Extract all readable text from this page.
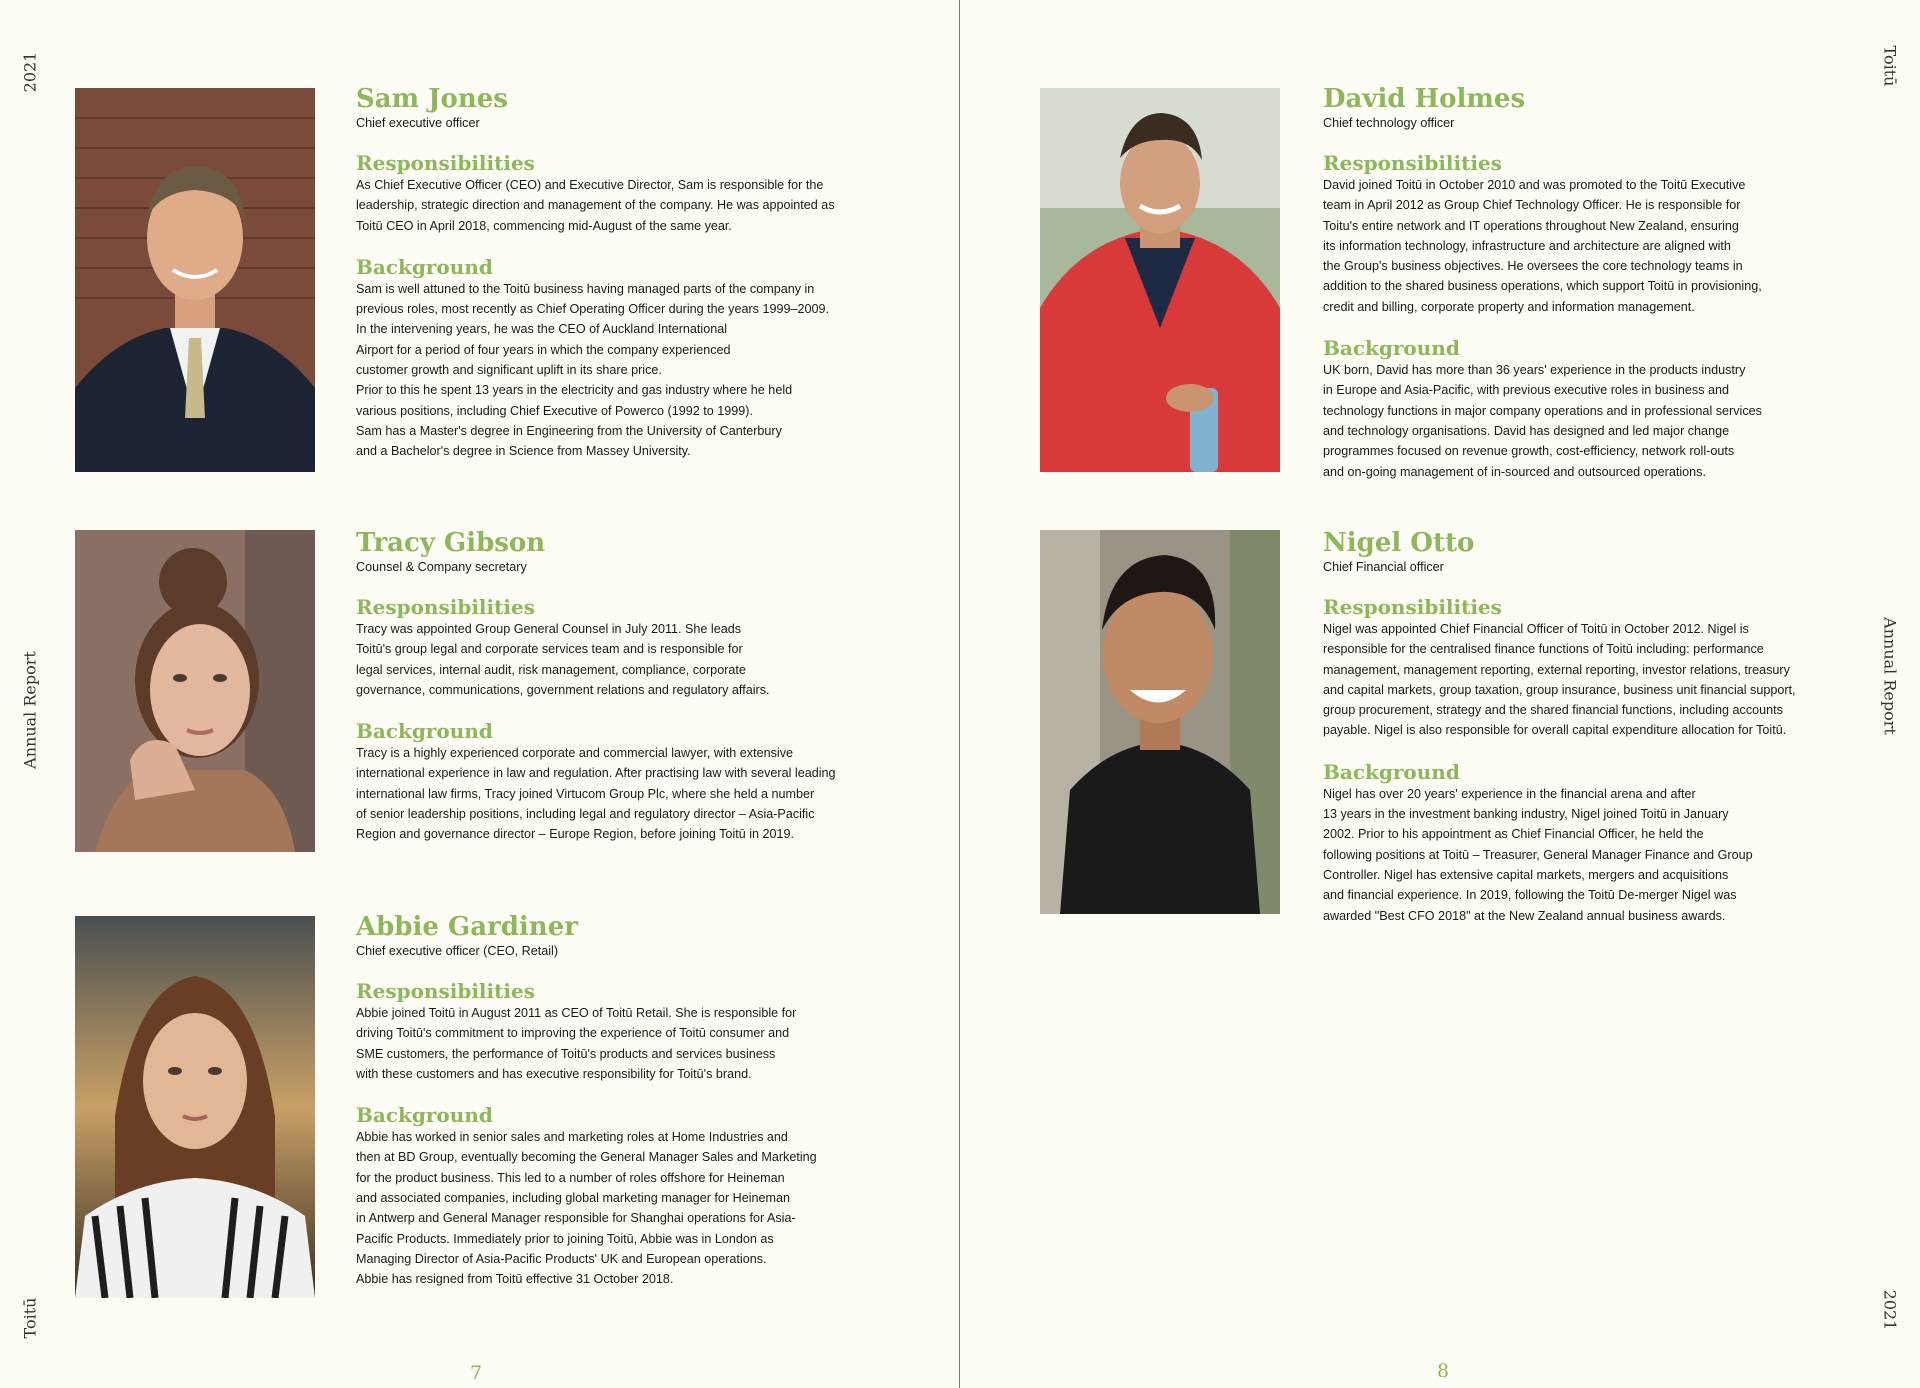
2021
Annual Report
Toitū
7
Toitū
Annual Report
2021
8
Sam Jones
Chief executive officer
Responsibilities
As Chief Executive Officer (CEO) and Executive Director, Sam is responsible for the
leadership, strategic direction and management of the company. He was appointed as
Toitū CEO in April 2018, commencing mid-August of the same year.
Background
Sam is well attuned to the Toitū business having managed parts of the company in
previous roles, most recently as Chief Operating Officer during the years 1999–2009.
In the intervening years, he was the CEO of Auckland International
Airport for a period of four years in which the company experienced
customer growth and significant uplift in its share price.
Prior to this he spent 13 years in the electricity and gas industry where he held
various positions, including Chief Executive of Powerco (1992 to 1999).
Sam has a Master's degree in Engineering from the University of Canterbury
and a Bachelor's degree in Science from Massey University.
Tracy Gibson
Counsel & Company secretary
Responsibilities
Tracy was appointed Group General Counsel in July 2011. She leads
Toitū's group legal and corporate services team and is responsible for
legal services, internal audit, risk management, compliance, corporate
governance, communications, government relations and regulatory affairs.
Background
Tracy is a highly experienced corporate and commercial lawyer, with extensive
international experience in law and regulation. After practising law with several leading
international law firms, Tracy joined Virtucom Group Plc, where she held a number
of senior leadership positions, including legal and regulatory director – Asia-Pacific
Region and governance director – Europe Region, before joining Toitū in 2019.
Abbie Gardiner
Chief executive officer (CEO, Retail)
Responsibilities
Abbie joined Toitū in August 2011 as CEO of Toitū Retail. She is responsible for
driving Toitū's commitment to improving the experience of Toitū consumer and
SME customers, the performance of Toitū's products and services business
with these customers and has executive responsibility for Toitū's brand.
Background
Abbie has worked in senior sales and marketing roles at Home Industries and
then at BD Group, eventually becoming the General Manager Sales and Marketing
for the product business. This led to a number of roles offshore for Heineman
and associated companies, including global marketing manager for Heineman
in Antwerp and General Manager responsible for Shanghai operations for Asia-
Pacific Products. Immediately prior to joining Toitū, Abbie was in London as
Managing Director of Asia-Pacific Products' UK and European operations.
Abbie has resigned from Toitū effective 31 October 2018.
David Holmes
Chief technology officer
Responsibilities
David joined Toitū in October 2010 and was promoted to the Toitū Executive
team in April 2012 as Group Chief Technology Officer. He is responsible for
Toitu's entire network and IT operations throughout New Zealand, ensuring
its information technology, infrastructure and architecture are aligned with
the Group's business objectives. He oversees the core technology teams in
addition to the shared business operations, which support Toitū in provisioning,
credit and billing, corporate property and information management.
Background
UK born, David has more than 36 years' experience in the products industry
in Europe and Asia-Pacific, with previous executive roles in business and
technology functions in major company operations and in professional services
and technology organisations. David has designed and led major change
programmes focused on revenue growth, cost-efficiency, network roll-outs
and on-going management of in-sourced and outsourced operations.
Nigel Otto
Chief Financial officer
Responsibilities
Nigel was appointed Chief Financial Officer of Toitū in October 2012. Nigel is
responsible for the centralised finance functions of Toitū including: performance
management, management reporting, external reporting, investor relations, treasury
and capital markets, group taxation, group insurance, business unit financial support,
group procurement, strategy and the shared financial functions, including accounts
payable. Nigel is also responsible for overall capital expenditure allocation for Toitū.
Background
Nigel has over 20 years' experience in the financial arena and after
13 years in the investment banking industry, Nigel joined Toitū in January
2002. Prior to his appointment as Chief Financial Officer, he held the
following positions at Toitū – Treasurer, General Manager Finance and Group
Controller. Nigel has extensive capital markets, mergers and acquisitions
and financial experience. In 2019, following the Toitū De-merger Nigel was
awarded "Best CFO 2018" at the New Zealand annual business awards.
